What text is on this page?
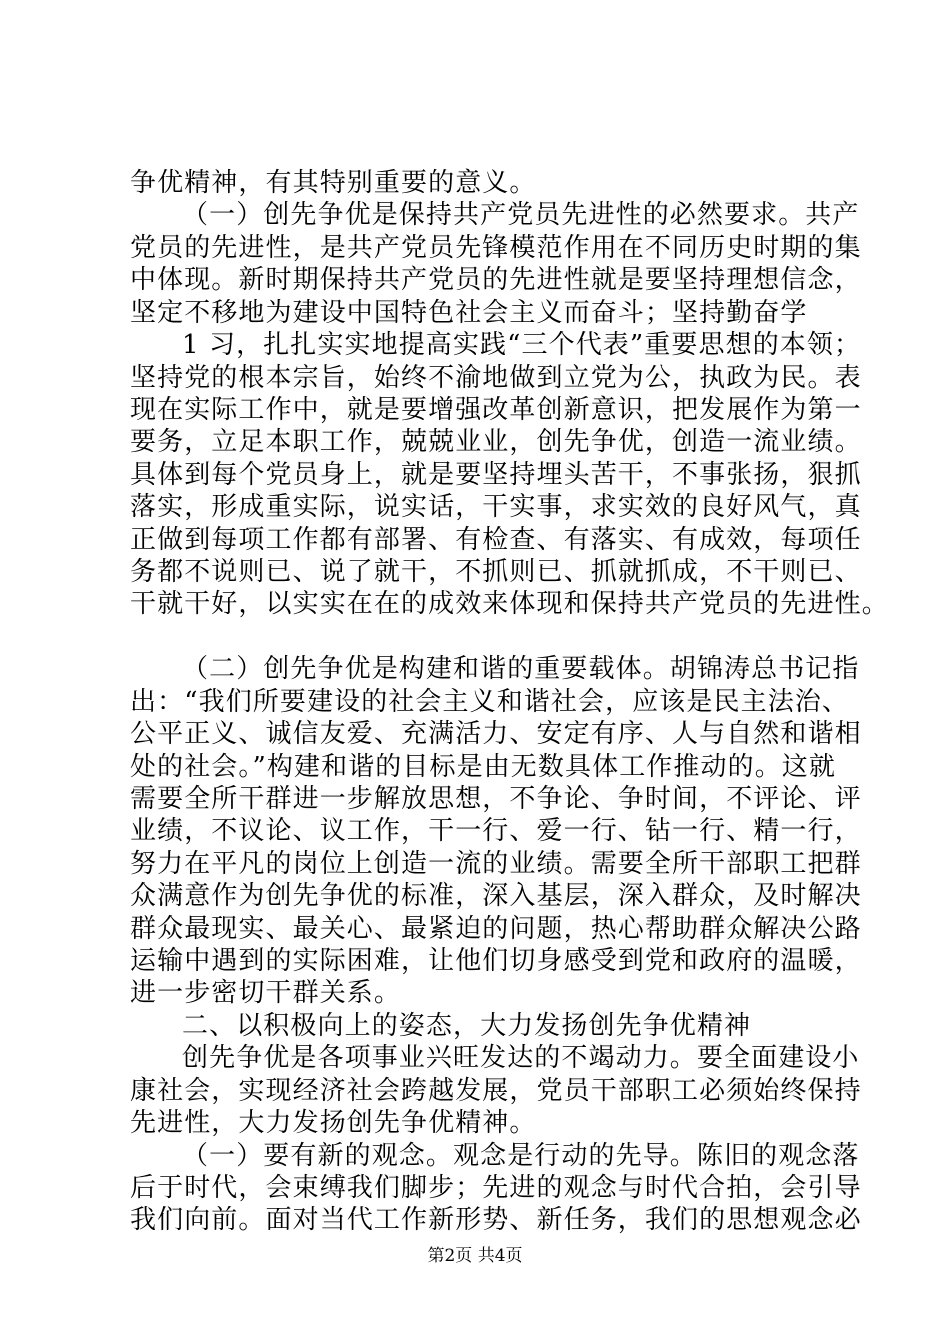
争优精神，有其特别重要的意义。
（一）创先争优是保持共产党员先进性的必然要求。共产
党员的先进性，是共产党员先锋模范作用在不同历史时期的集
中体现。新时期保持共产党员的先进性就是要坚持理想信念，
坚定不移地为建设中国特色社会主义而奋斗；坚持勤奋学
1 习，扎扎实实地提高实践“三个代表”重要思想的本领；
坚持党的根本宗旨，始终不渝地做到立党为公，执政为民。表
现在实际工作中，就是要增强改革创新意识，把发展作为第一
要务，立足本职工作，兢兢业业，创先争优，创造一流业绩。
具体到每个党员身上，就是要坚持埋头苦干，不事张扬，狠抓
落实，形成重实际，说实话，干实事，求实效的良好风气，真
正做到每项工作都有部署、有检查、有落实、有成效，每项任
务都不说则已、说了就干，不抓则已、抓就抓成，不干则已、
干就干好，以实实在在的成效来体现和保持共产党员的先进性。
（二）创先争优是构建和谐的重要载体。胡锦涛总书记指
出：“我们所要建设的社会主义和谐社会，应该是民主法治、
公平正义、诚信友爱、充满活力、安定有序、人与自然和谐相
处的社会。”构建和谐的目标是由无数具体工作推动的。这就
需要全所干群进一步解放思想，不争论、争时间，不评论、评
业绩，不议论、议工作，干一行、爱一行、钻一行、精一行，
努力在平凡的岗位上创造一流的业绩。需要全所干部职工把群
众满意作为创先争优的标准，深入基层，深入群众，及时解决
群众最现实、最关心、最紧迫的问题，热心帮助群众解决公路
运输中遇到的实际困难，让他们切身感受到党和政府的温暖，
进一步密切干群关系。
二、以积极向上的姿态，大力发扬创先争优精神
创先争优是各项事业兴旺发达的不竭动力。要全面建设小
康社会，实现经济社会跨越发展，党员干部职工必须始终保持
先进性，大力发扬创先争优精神。
（一）要有新的观念。观念是行动的先导。陈旧的观念落
后于时代，会束缚我们脚步；先进的观念与时代合拍，会引导
我们向前。面对当代工作新形势、新任务，我们的思想观念必
第2页 共4页
